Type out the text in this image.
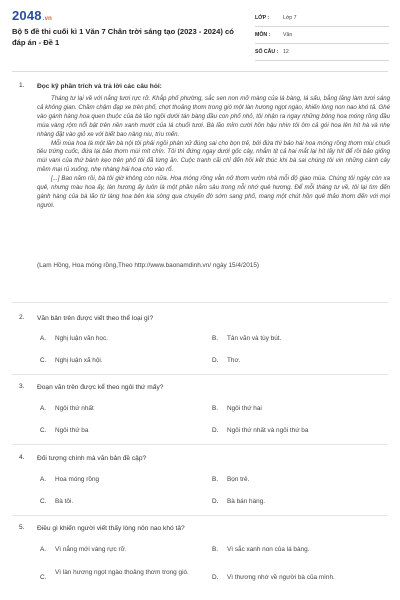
2048.vn
Bộ 5 đề thi cuối kì 1 Văn 7 Chân trời sáng tạo (2023 - 2024) có đáp án - Đề 1
LỚP :	Lớp 7
MÔN : Văn
SỐ CÂU : 12
1. Đọc kỹ phần trích và trả lời các câu hỏi:

Tháng tư lại về với nắng tươi rực rỡ. Khắp phố phường, sắc sen non mỡ màng của lá bàng, lá sấu, bằng lăng làm tươi sáng cả không gian. Chầm chậm đạp xe trên phố, chợt thoảng thơm trong gió một làn hương ngọt ngào, khiến lòng non nao khó tả. Ghé vào gánh hàng hoa quen thuộc của bà lão ngồi dưới tán bàng đầu con phố nhỏ, tôi nhận ra ngay những bông hoa móng rồng đầu mùa vàng rộm nổi bật trên nền xanh mướt của lá chuối tươi. Bà lão mỉm cười hồn hậu nhìn tôi ôm cả gói hoa lên hít hà và nhẹ nhàng đặt vào giỏ xe với biết bao nâng niu, trìu mến.

Mỗi mùa hoa là một lần bà nội tôi phải ngồi phân xử đúng sai cho bọn trẻ, bởi đứa thì bảo hái hoa móng rồng thơm mùi chuối tiêu trứng cuốc, đứa lại bảo thơm mùi mít chín. Tôi thì đứng ngay dưới gốc cây, nhắm tịt cả hai mắt lại hít lấy hít để rồi bảo giống mùi vani của thứ bánh kẹo trên phố tôi đã từng ăn. Cuộc tranh cãi chỉ đến hồi kết thúc khi bà sai chúng tôi vin những cành cây mềm mại rủ xuống, nhẹ nhàng hái hoa cho vào rổ.

[...] Bao năm rồi, bà tôi giờ không còn nữa. Hoa móng rồng vẫn nở thơm vườn nhà mỗi độ giao mùa. Chúng tôi ngày còn xa quê, nhưng màu hoa ấy, làn hương ấy luôn là một phần nằm sâu trong nỗi nhớ quê hương. Để mỗi tháng tư về, tôi lại tìm đến gánh hàng của bà lão từ làng hoa bên kia sông qua chuyến đò sớm sang phố, mang một chút hồn quê thảo thơm đến với mọi người.

(Lam Hồng, Hoa móng rồng,Theo http://www.baonamdinh.vn/ ngày 15/4/2015)
2. Văn bản trên được viết theo thể loại gì?
A. Nghị luận văn học.	B. Tản văn và tùy bút.
C. Nghị luận xã hội.	D. Thơ.
3. Đoạn văn trên được kể theo ngôi thứ mấy?
A. Ngôi thứ nhất	B. Ngôi thứ hai
C. Ngôi thứ ba	D. Ngôi thứ nhất và ngôi thứ ba
4. Đối tượng chính mà văn bản đề cập?
A. Hoa móng rồng	B. Bọn trẻ.
C. Bà tôi.	D. Bà bán hàng.
5. Điều gì khiến người viết thấy lòng nôn nao khó tả?
A. Vì nắng mới vàng rực rỡ.	B. Vì sắc xanh non của lá bàng.
C.
Vì làn hương ngọt ngào thoảng thơm trong gió.
D. Vì thương nhớ về người bà của mình.
